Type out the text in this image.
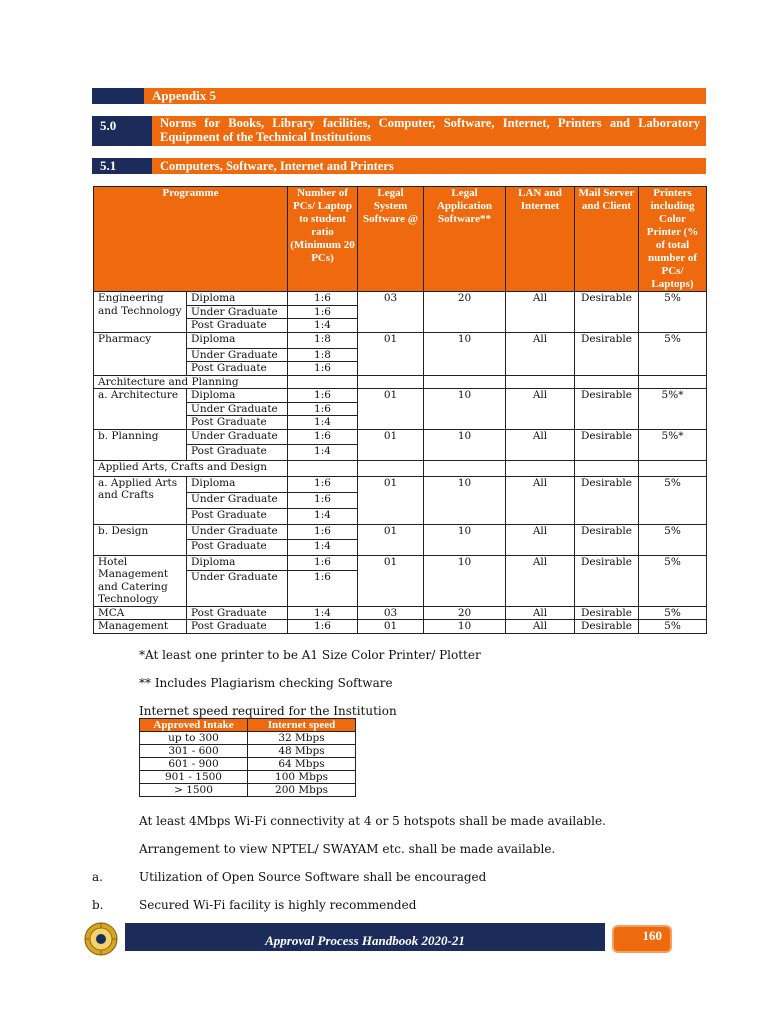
Appendix 5
5.0	Norms for Books, Library facilities, Computer, Software, Internet, Printers and Laboratory Equipment of the Technical Institutions
5.1	Computers, Software, Internet and Printers
Programme		Number of PCs/ Laptop to student ratio (Minimum 20 PCs)	Legal System Software @	Legal Application Software**	LAN and Internet	Mail Server and Client	Printers including Color Printer (% of total number of PCs/ Laptops)
Engineering and Technology	Diploma	1:6	03	20	All	Desirable	5%
	Under Graduate	1:6					
	Post Graduate	1:4					
Pharmacy	Diploma	1:8	01	10	All	Desirable	5%
	Under Graduate	1:8					
	Post Graduate	1:6					
Architecture and Planning							
a. Architecture	Diploma	1:6	01	10	All	Desirable	5%*
	Under Graduate	1:6					
	Post Graduate	1:4					
b. Planning	Under Graduate	1:6	01	10	All	Desirable	5%*
	Post Graduate	1:4					
Applied Arts, Crafts and Design							
a. Applied Arts and Crafts	Diploma	1:6	01	10	All	Desirable	5%
	Under Graduate	1:6					
	Post Graduate	1:4					
b. Design	Under Graduate	1:6	01	10	All	Desirable	5%
	Post Graduate	1:4					
Hotel Management and Catering Technology	Diploma	1:6	01	10	All	Desirable	5%
	Under Graduate	1:6					
MCA	Post Graduate	1:4	03	20	All	Desirable	5%
Management	Post Graduate	1:6	01	10	All	Desirable	5%
*At least one printer to be A1 Size Color Printer/ Plotter
** Includes Plagiarism checking Software
Internet speed required for the Institution
Approved Intake	Internet speed
up to 300	32 Mbps
301 - 600	48 Mbps
601 - 900	64 Mbps
901 - 1500	100 Mbps
> 1500	200 Mbps
At least 4Mbps Wi-Fi connectivity at 4 or 5 hotspots shall be made available.
Arrangement to view NPTEL/ SWAYAM etc. shall be made available.
a.	Utilization of Open Source Software shall be encouraged
b.	Secured Wi-Fi facility is highly recommended
Approval Process Handbook 2020-21	160
